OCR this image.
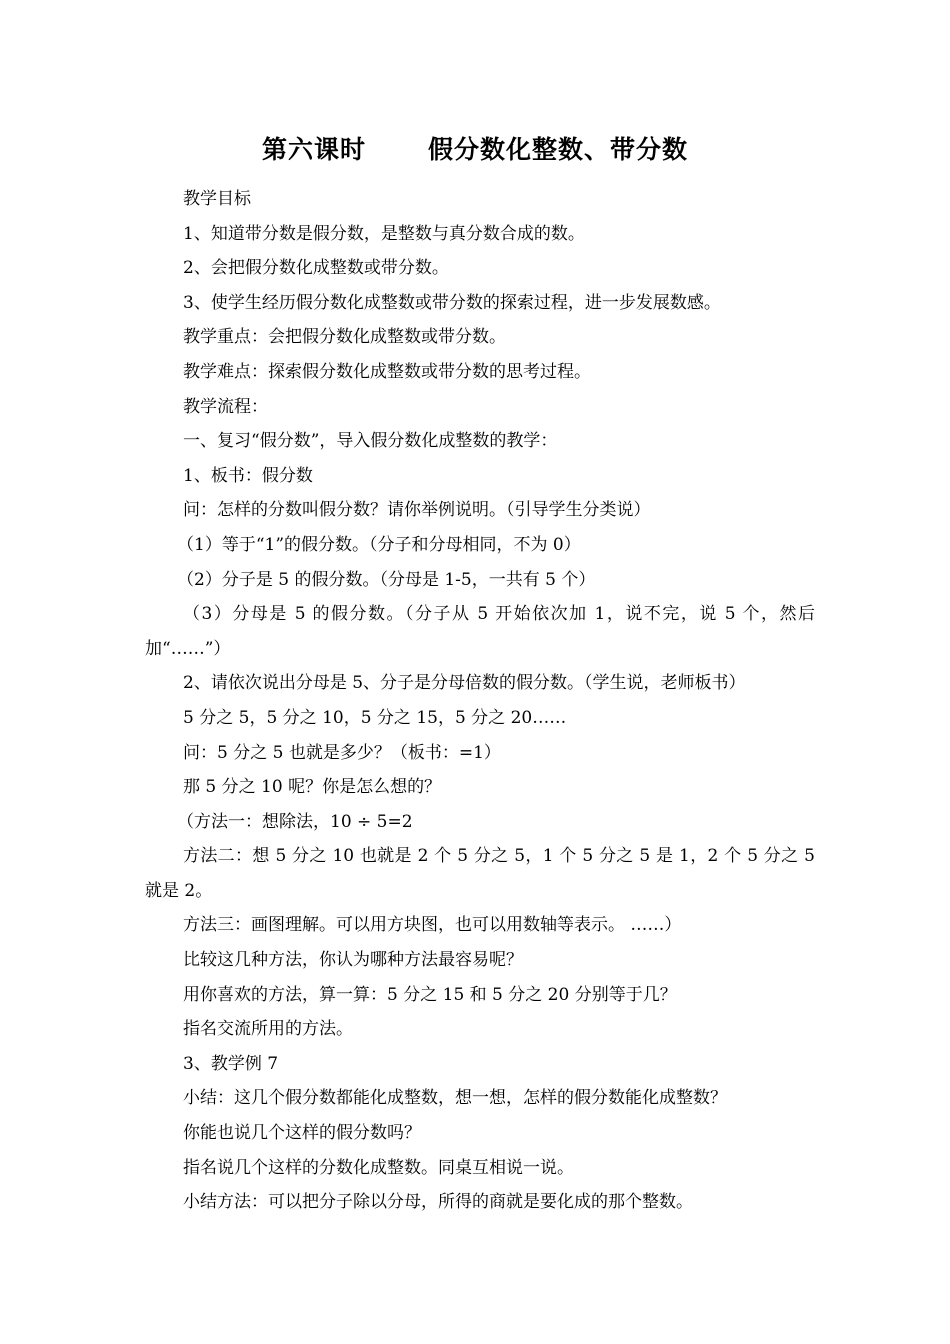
第六课时 假分数化整数、带分数

教学目标

1、知道带分数是假分数，是整数与真分数合成的数。

2、会把假分数化成整数或带分数。

3、使学生经历假分数化成整数或带分数的探索过程，进一步发展数感。

教学重点：会把假分数化成整数或带分数。

教学难点：探索假分数化成整数或带分数的思考过程。

教学流程：

一、复习“假分数”，导入假分数化成整数的教学：

1、板书：假分数

问：怎样的分数叫假分数？请你举例说明。（引导学生分类说）

（1）等于“1”的假分数。（分子和分母相同，不为 0）

（2）分子是 5 的假分数。（分母是 1-5，一共有 5 个）

（3）分母是 5 的假分数。（分子从 5 开始依次加 1，说不完，说 5 个，然后加“……”）

2、请依次说出分母是 5、分子是分母倍数的假分数。（学生说，老师板书）

5 分之 5，5 分之 10，5 分之 15，5 分之 20……

问：5 分之 5 也就是多少？（板书：=1）

那 5 分之 10 呢？你是怎么想的？

（方法一：想除法，10 ÷ 5=2

方法二：想 5 分之 10 也就是 2 个 5 分之 5，1 个 5 分之 5 是 1，2 个 5 分之 5 就是 2。

方法三：画图理解。可以用方块图，也可以用数轴等表示。 ……）

比较这几种方法，你认为哪种方法最容易呢？

用你喜欢的方法，算一算：5 分之 15 和 5 分之 20 分别等于几？

指名交流所用的方法。

3、教学例 7

小结：这几个假分数都能化成整数，想一想，怎样的假分数能化成整数？

你能也说几个这样的假分数吗？

指名说几个这样的分数化成整数。同桌互相说一说。

小结方法：可以把分子除以分母，所得的商就是要化成的那个整数。
